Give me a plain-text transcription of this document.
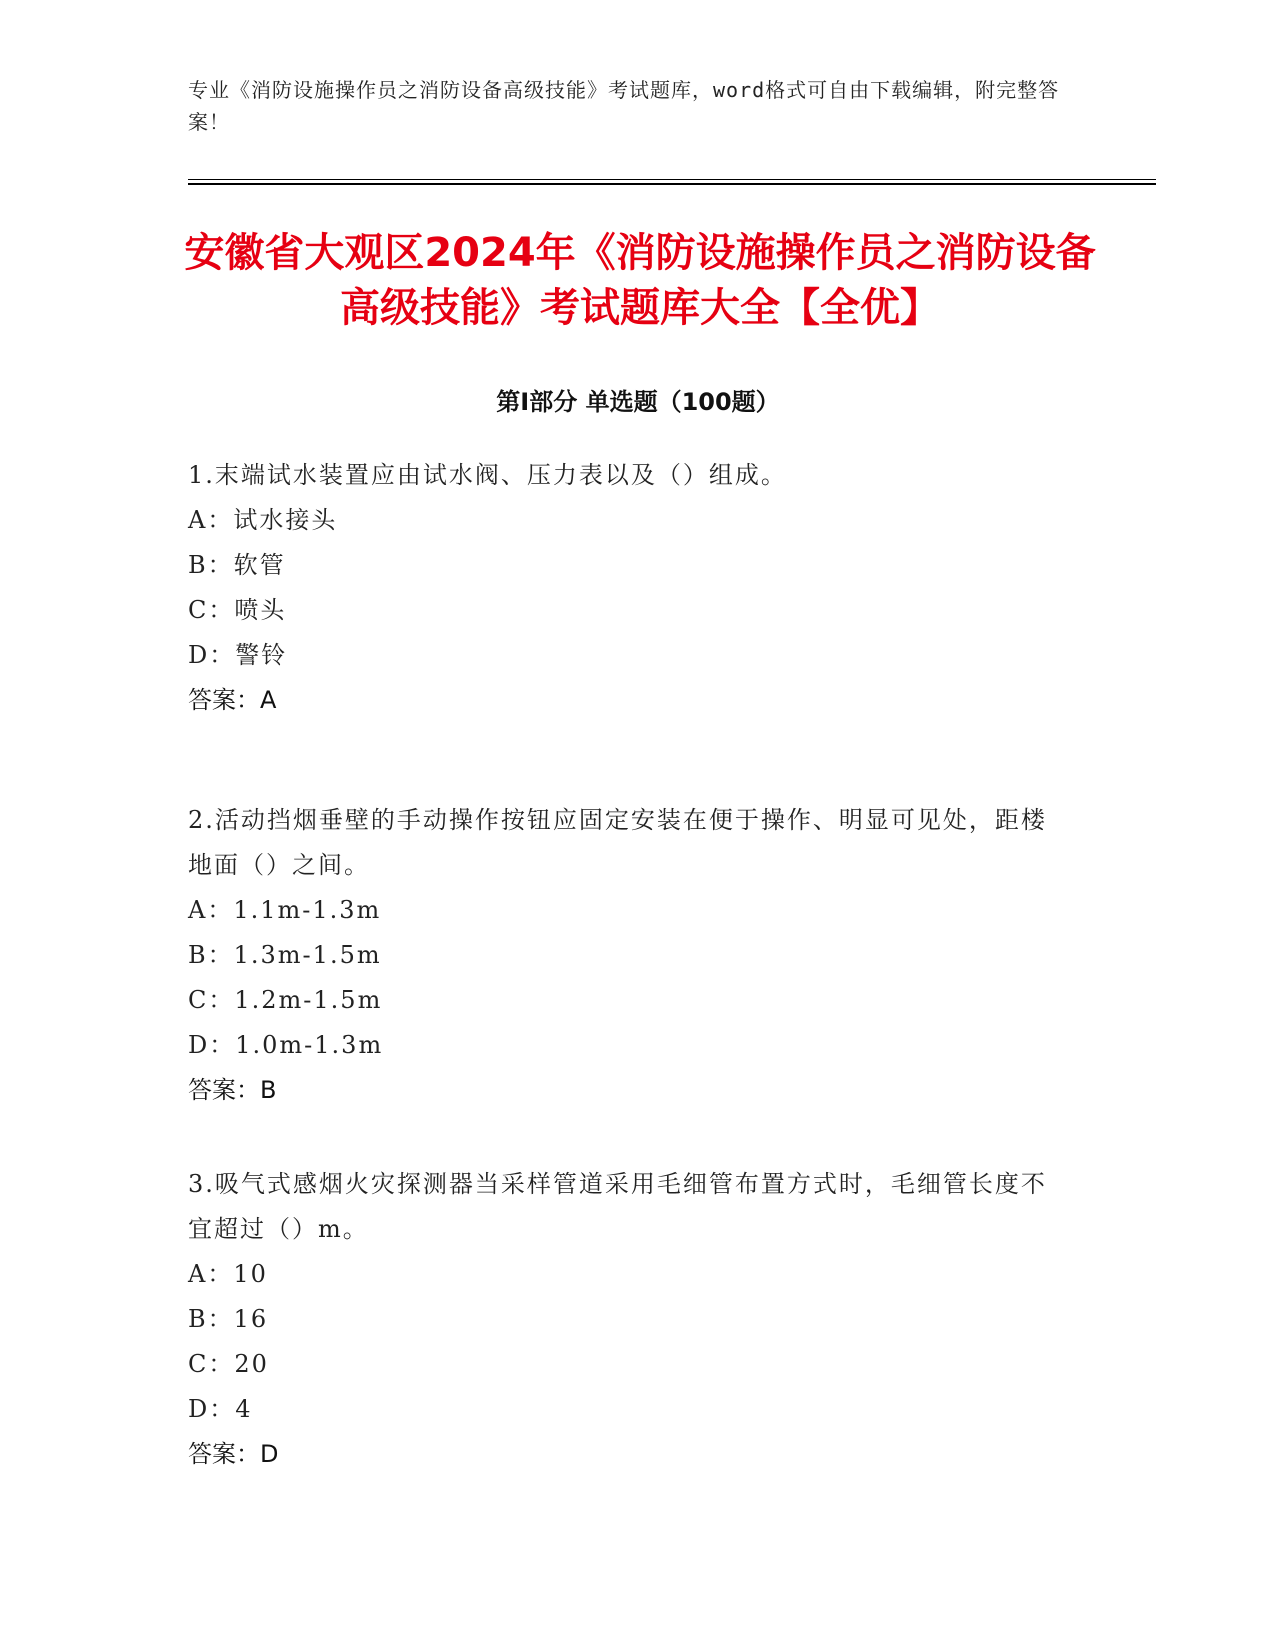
专业《消防设施操作员之消防设备高级技能》考试题库，word格式可自由下载编辑，附完整答案！
安徽省大观区2024年《消防设施操作员之消防设备高级技能》考试题库大全【全优】
第I部分 单选题（100题）
1.末端试水装置应由试水阀、压力表以及（）组成。
A：试水接头
B：软管
C：喷头
D：警铃
答案：A
2.活动挡烟垂壁的手动操作按钮应固定安装在便于操作、明显可见处，距楼地面（）之间。
A：1.1m-1.3m
B：1.3m-1.5m
C：1.2m-1.5m
D：1.0m-1.3m
答案：B
3.吸气式感烟火灾探测器当采样管道采用毛细管布置方式时，毛细管长度不宜超过（）m。
A：10
B：16
C：20
D：4
答案：D
